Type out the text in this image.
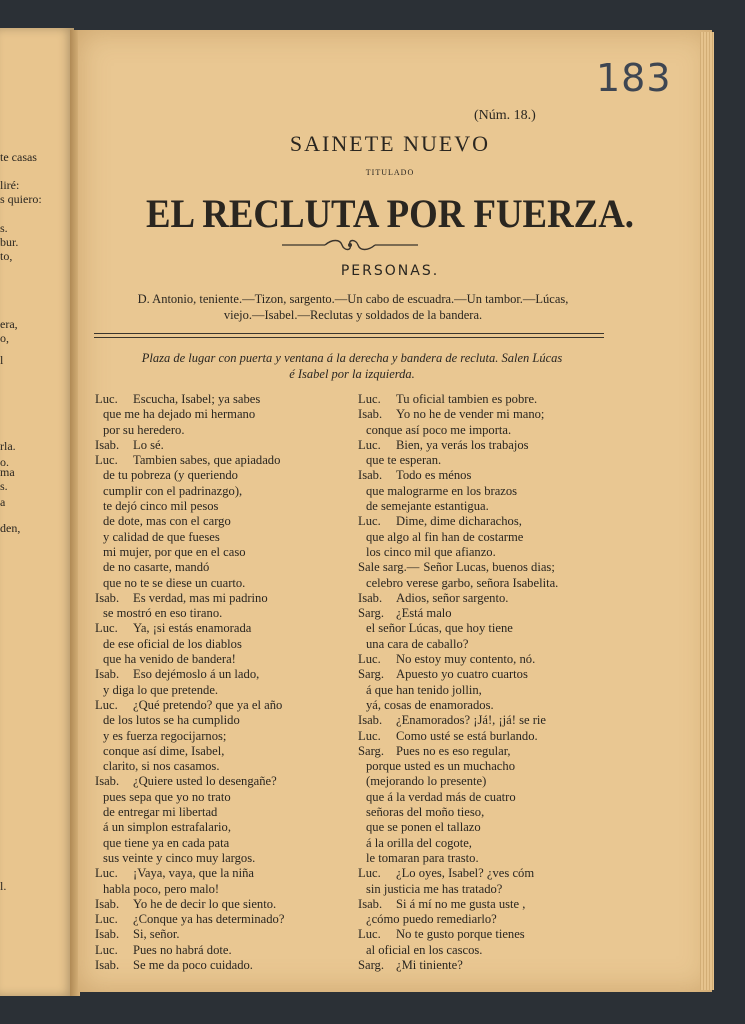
te casas
liré:
s quiero:
s.
bur.
to,
era,
o,
l
rla.
o.
ma
s.
a
den,
l.
183
(Núm. 18.)
SAINETE NUEVO
TITULADO
EL RECLUTA POR FUERZA.
PERSONAS.
D. Antonio, teniente.—Tizon, sargento.—Un cabo de escuadra.—Un tambor.—Lúcas,
viejo.—Isabel.—Reclutas y soldados de la bandera.
Plaza de lugar con puerta y ventana á la derecha y bandera de recluta. Salen Lúcas
é Isabel por la izquierda.
Luc. Escucha, Isabel; ya sabes
que me ha dejado mi hermano
por su heredero.
Isab. Lo sé.
Luc. Tambien sabes, que apiadado
de tu pobreza (y queriendo
cumplir con el padrinazgo),
te dejó cinco mil pesos
de dote, mas con el cargo
y calidad de que fueses
mi mujer, por que en el caso
de no casarte, mandó
que no te se diese un cuarto.
Isab. Es verdad, mas mi padrino
se mostró en eso tirano.
Luc. Ya, ¡si estás enamorada
de ese oficial de los diablos
que ha venido de bandera!
Isab. Eso dejémoslo á un lado,
y diga lo que pretende.
Luc. ¿Qué pretendo? que ya el año
de los lutos se ha cumplido
y es fuerza regocijarnos;
conque así dime, Isabel,
clarito, si nos casamos.
Isab. ¿Quiere usted lo desengañe?
pues sepa que yo no trato
de entregar mi libertad
á un simplon estrafalario,
que tiene ya en cada pata
sus veinte y cinco muy largos.
Luc. ¡Vaya, vaya, que la niña
habla poco, pero malo!
Isab. Yo he de decir lo que siento.
Luc. ¿Conque ya has determinado?
Isab. Si, señor.
Luc. Pues no habrá dote.
Isab. Se me da poco cuidado.
Luc. Tu oficial tambien es pobre.
Isab. Yo no he de vender mi mano;
conque así poco me importa.
Luc. Bien, ya verás los trabajos
que te esperan.
Isab. Todo es ménos
que malograrme en los brazos
de semejante estantigua.
Luc. Dime, dime dicharachos,
que algo al fin han de costarme
los cinco mil que afianzo.
Sale sarg.— Señor Lucas, buenos dias;
celebro verese garbo, señora Isabelita.
Isab. Adios, señor sargento.
Sarg. ¿Está malo
el señor Lúcas, que hoy tiene
una cara de caballo?
Luc. No estoy muy contento, nó.
Sarg. Apuesto yo cuatro cuartos
á que han tenido jollin,
yá, cosas de enamorados.
Isab. ¿Enamorados? ¡Já!, ¡já! se rie
Luc. Como usté se está burlando.
Sarg. Pues no es eso regular,
porque usted es un muchacho
(mejorando lo presente)
que á la verdad más de cuatro
señoras del moño tieso,
que se ponen el tallazo
á la orilla del cogote,
le tomaran para trasto.
Luc. ¿Lo oyes, Isabel? ¿ves cóm
sin justicia me has tratado?
Isab. Si á mí no me gusta uste ,
¿cómo puedo remediarlo?
Luc. No te gusto porque tienes
al oficial en los cascos.
Sarg. ¿Mi tiniente?
